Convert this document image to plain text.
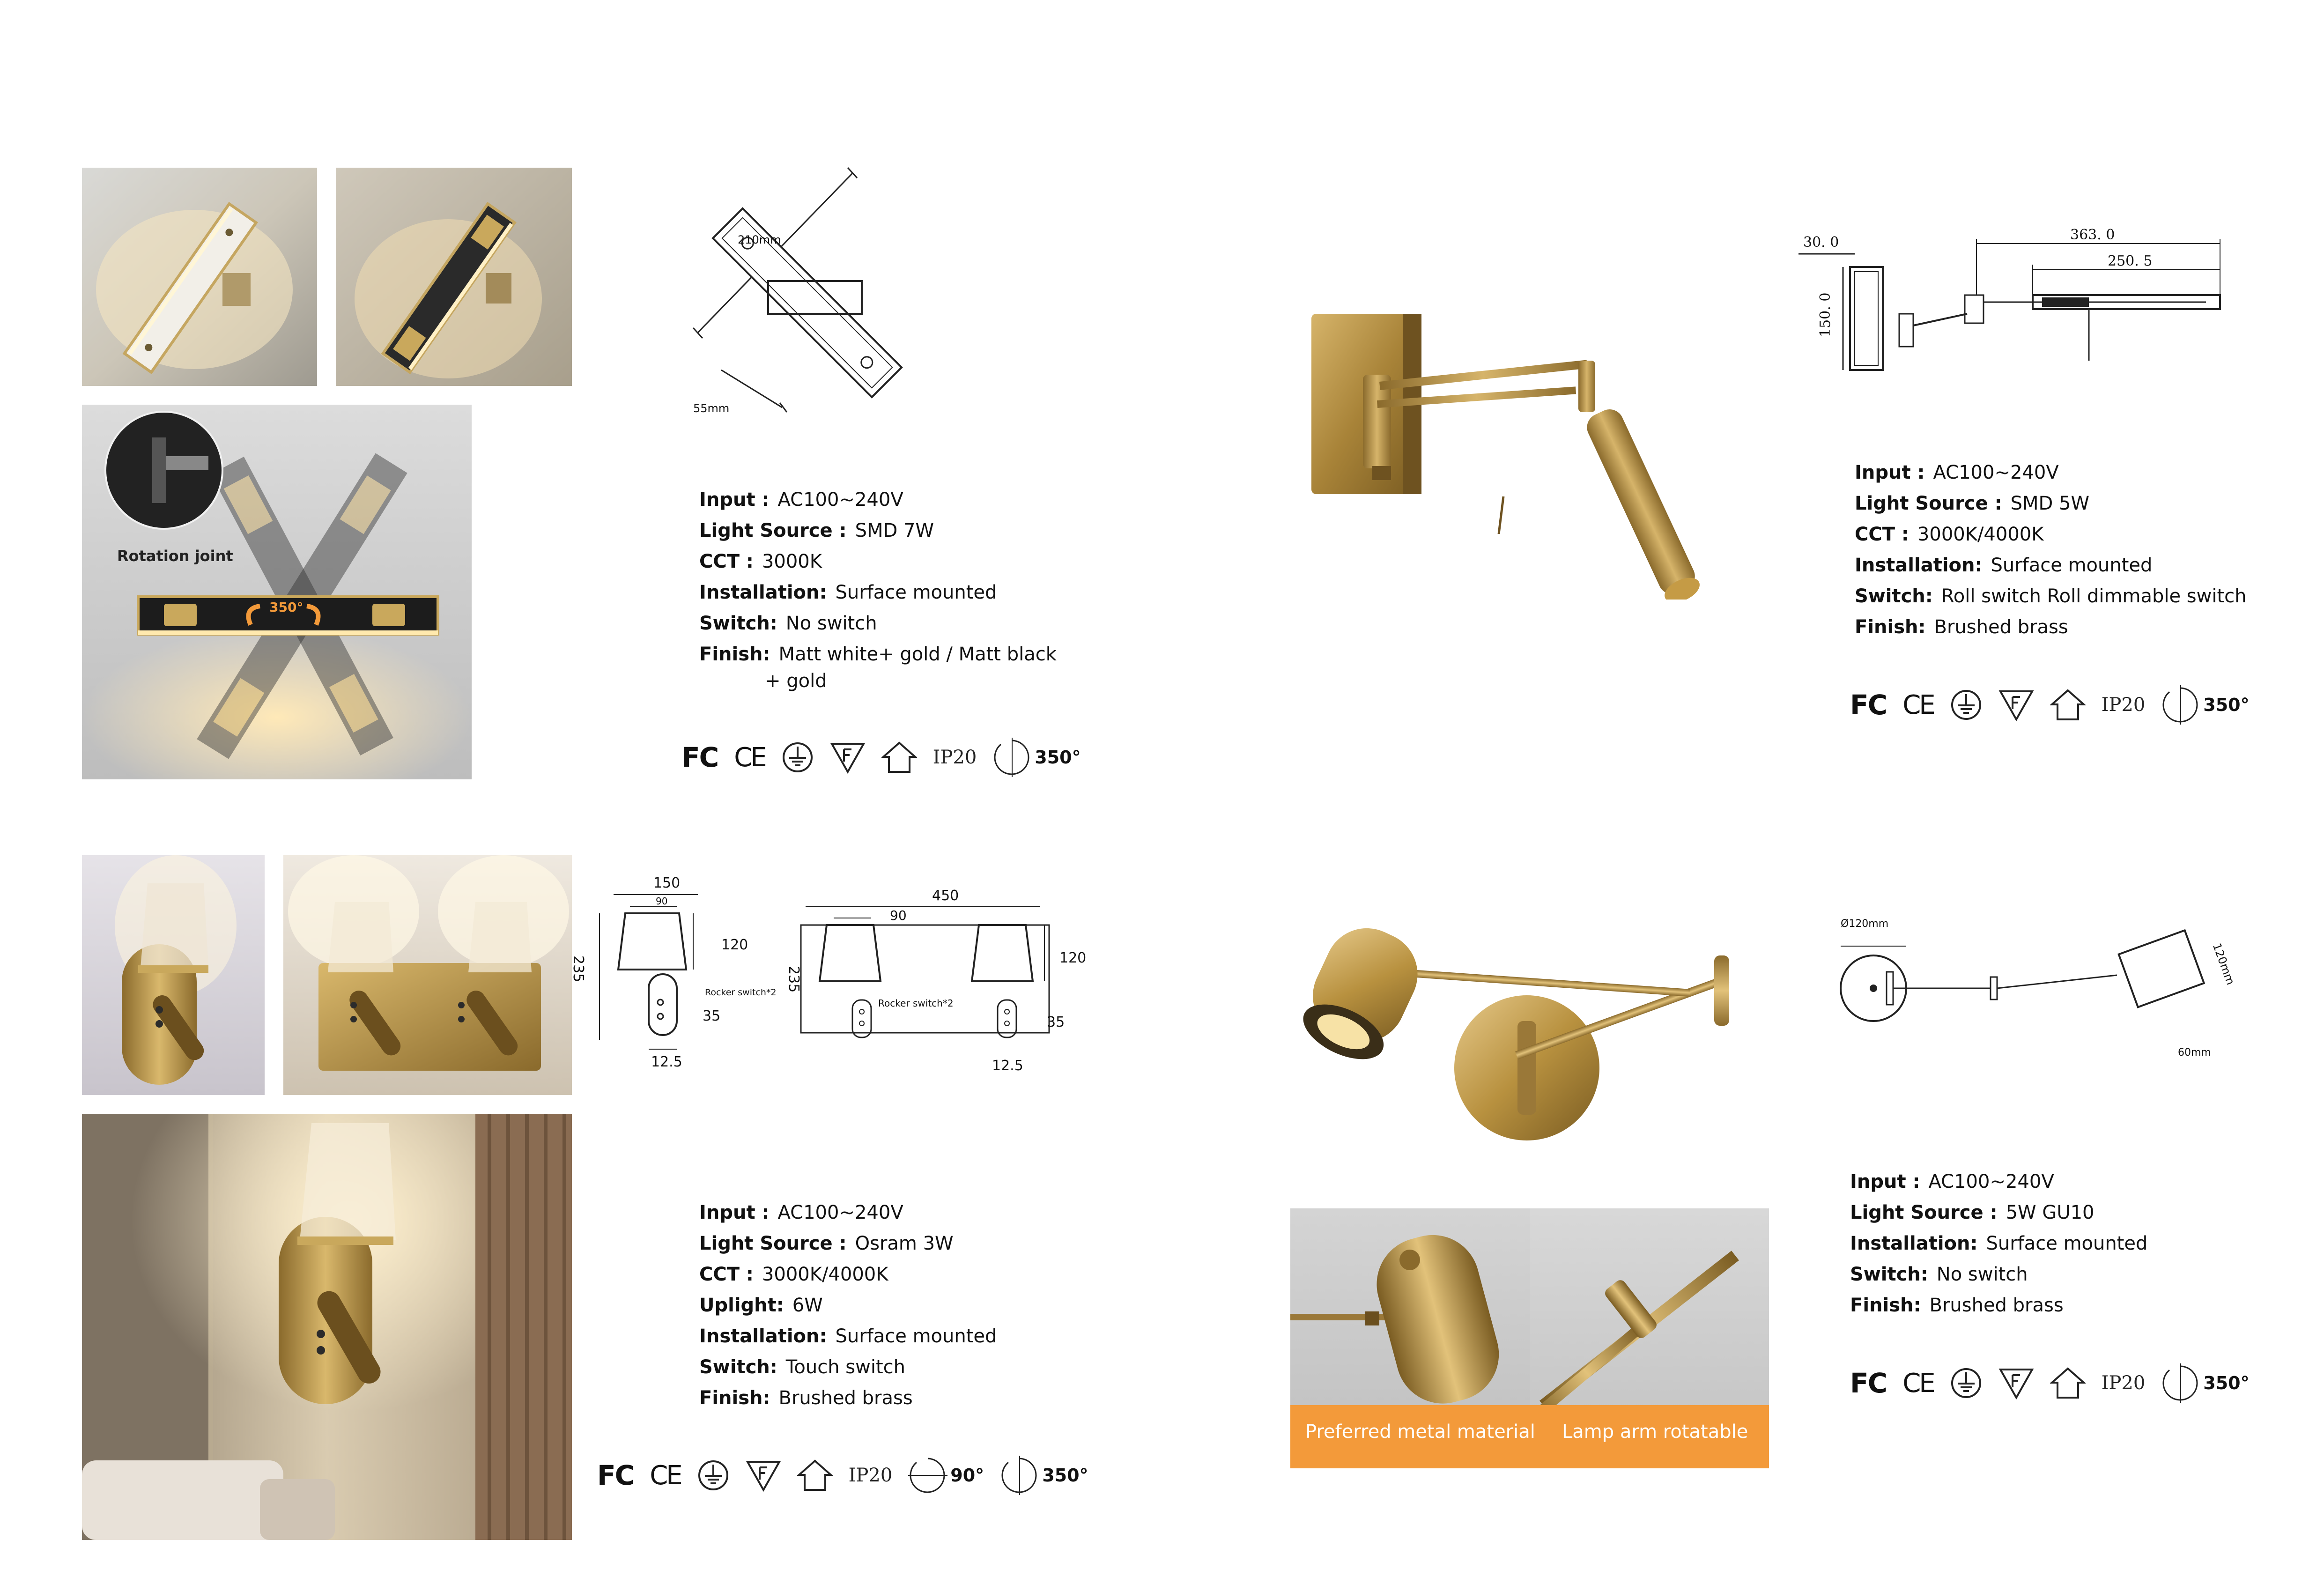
Rotation joint
350°
210mm
55mm
Input : AC100~240V
Light Source : SMD 7W
CCT : 3000K
Installation: Surface mounted
Switch: No switch
Finish: Matt white+ gold / Matt black
+ gold
FC CE	IP20	350°
30. 0	363. 0
250. 5
150. 0
Input : AC100~240V
Light Source : SMD 5W
CCT : 3000K/4000K
Installation: Surface mounted
Switch: Roll switch Roll dimmable switch
Finish: Brushed brass
FC CE	IP20	350°
150
90
235
120
Rocker switch*2
35
12.5
450
90
235
120
Rocker switch*2
35
12.5
Input : AC100~240V
Light Source : Osram 3W
CCT : 3000K/4000K
Uplight: 6W
Installation: Surface mounted
Switch: Touch switch
Finish: Brushed brass
FC CE	IP20	90°	350°
Preferred metal material Lamp arm rotatable
Ø120mm
120mm
60mm
Input : AC100~240V
Light Source : 5W GU10
Installation: Surface mounted
Switch: No switch
Finish: Brushed brass
FC CE	IP20	350°
